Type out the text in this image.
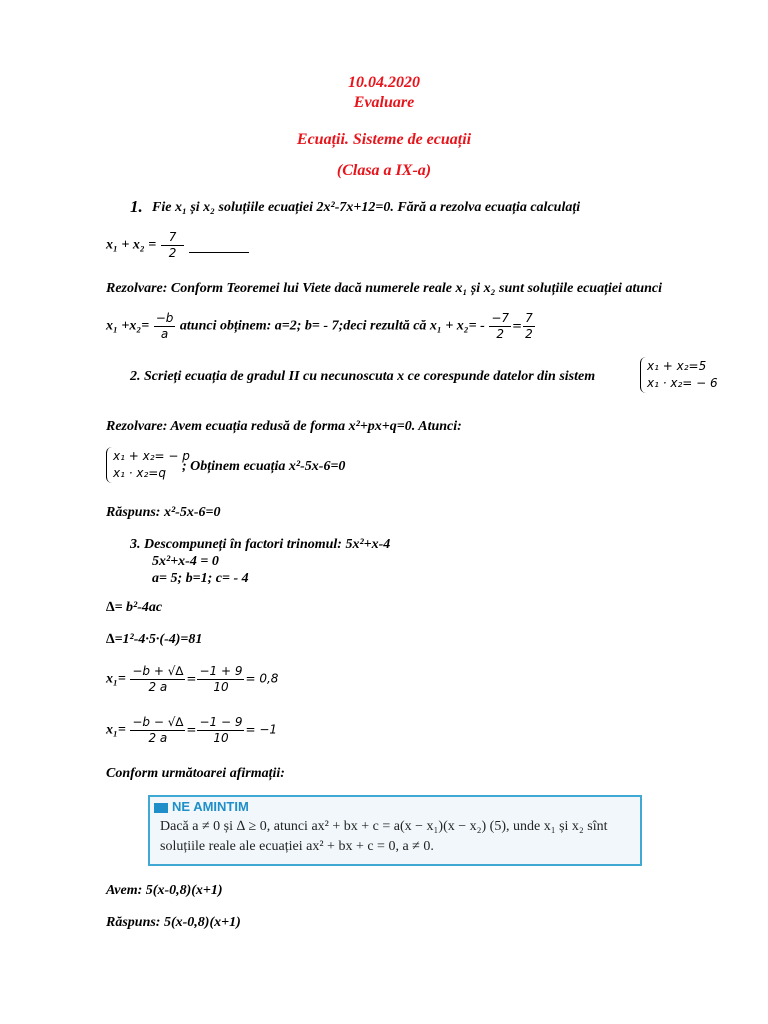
10.04.2020
Evaluare
Ecuații. Sisteme de ecuații
(Clasa a IX-a)
1. Fie x₁ și x₂ soluțiile ecuației 2x²-7x+12=0. Fără a rezolva ecuația calculați
$x_1 + x_2 = \frac{7}{2}$

Rezolvare: Conform Teoremei lui Viete dacă numerele reale x₁ și x₂ sunt soluțiile ecuației atunci
$x_1 +x_2= \frac{-b}{a}$ atunci obținem: a=2; b= - 7;deci rezultă că $x_1 + x_2= - \frac{-7}{2} = \frac{7}{2}$
2. Scrieți ecuația de gradul II cu necunoscuta x ce corespunde datelor din sistem
x₁ + x₂=5
x₁ · x₂= − 6
Rezolvare: Avem ecuația redusă de forma x²+px+q=0. Atunci:
x₁ + x₂= − p
x₁ · x₂=q	; Obținem ecuația x²-5x-6=0
Răspuns: x²-5x-6=0
3. Descompuneți în factori trinomul: 5x²+x-4
5x²+x-4 = 0
a= 5; b=1; c= - 4
∆= b²-4ac
∆=1²-4·5·(-4)=81
$x_1= \frac{-b + √\Delta}{2 a} = \frac{-1 + 9}{10} = 0,8$
$x_1= \frac{-b - √\Delta}{2 a} = \frac{-1 - 9}{10} = -1$
Conform următoarei afirmații:
NE AMINTIM
Dacă a ≠ 0 și ∆ ≥ 0, atunci ax² + bx + c = a(x − x₁)(x − x₂) (5), unde x₁ și x₂ sînt
soluțiile reale ale ecuației ax² + bx + c = 0, a ≠ 0.
Avem: 5(x-0,8)(x+1)
Răspuns: 5(x-0,8)(x+1)
